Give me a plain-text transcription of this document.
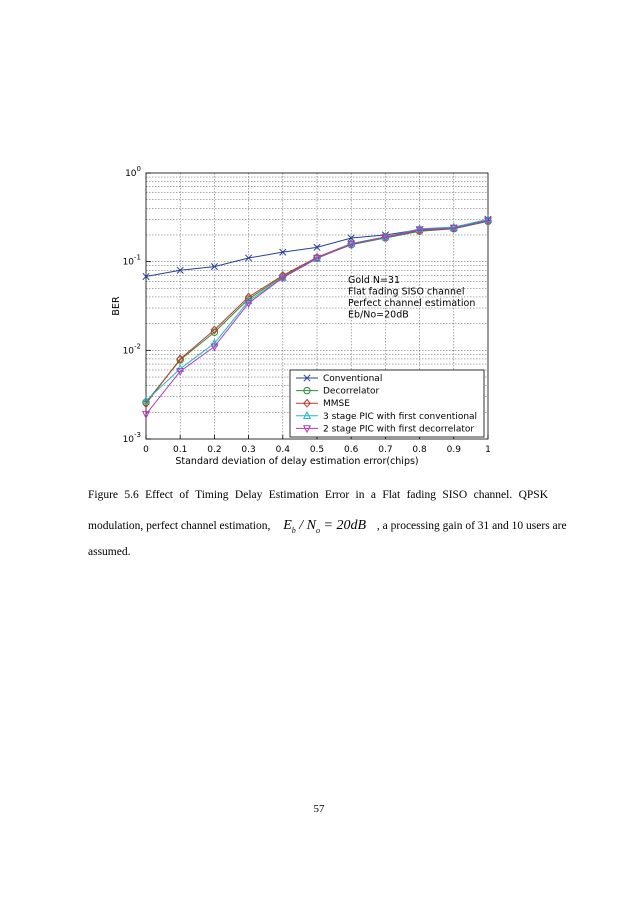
0	0.1 0.2 0.3 0.4 0.5 0.6 0.7 0.8 0.9	1
$10^{-3}$
$10^{-2}$
$10^{-1}$
$10^0$
Gold N=31
Flat fading SISO channel
Perfect channel estimation
Eb/No=20dB
Conventional
Decorrelator
MMSE
3 stage PIC with first conventional
2 stage PIC with first decorrelator
BER
Standard deviation of delay estimation error(chips)
Figure 5.6 Effect of Timing Delay Estimation Error in a Flat fading SISO channel. QPSK
modulation, perfect channel estimation, $E_b / N_o = 20dB$ , a processing gain of 31 and 10 users are
assumed.
57
